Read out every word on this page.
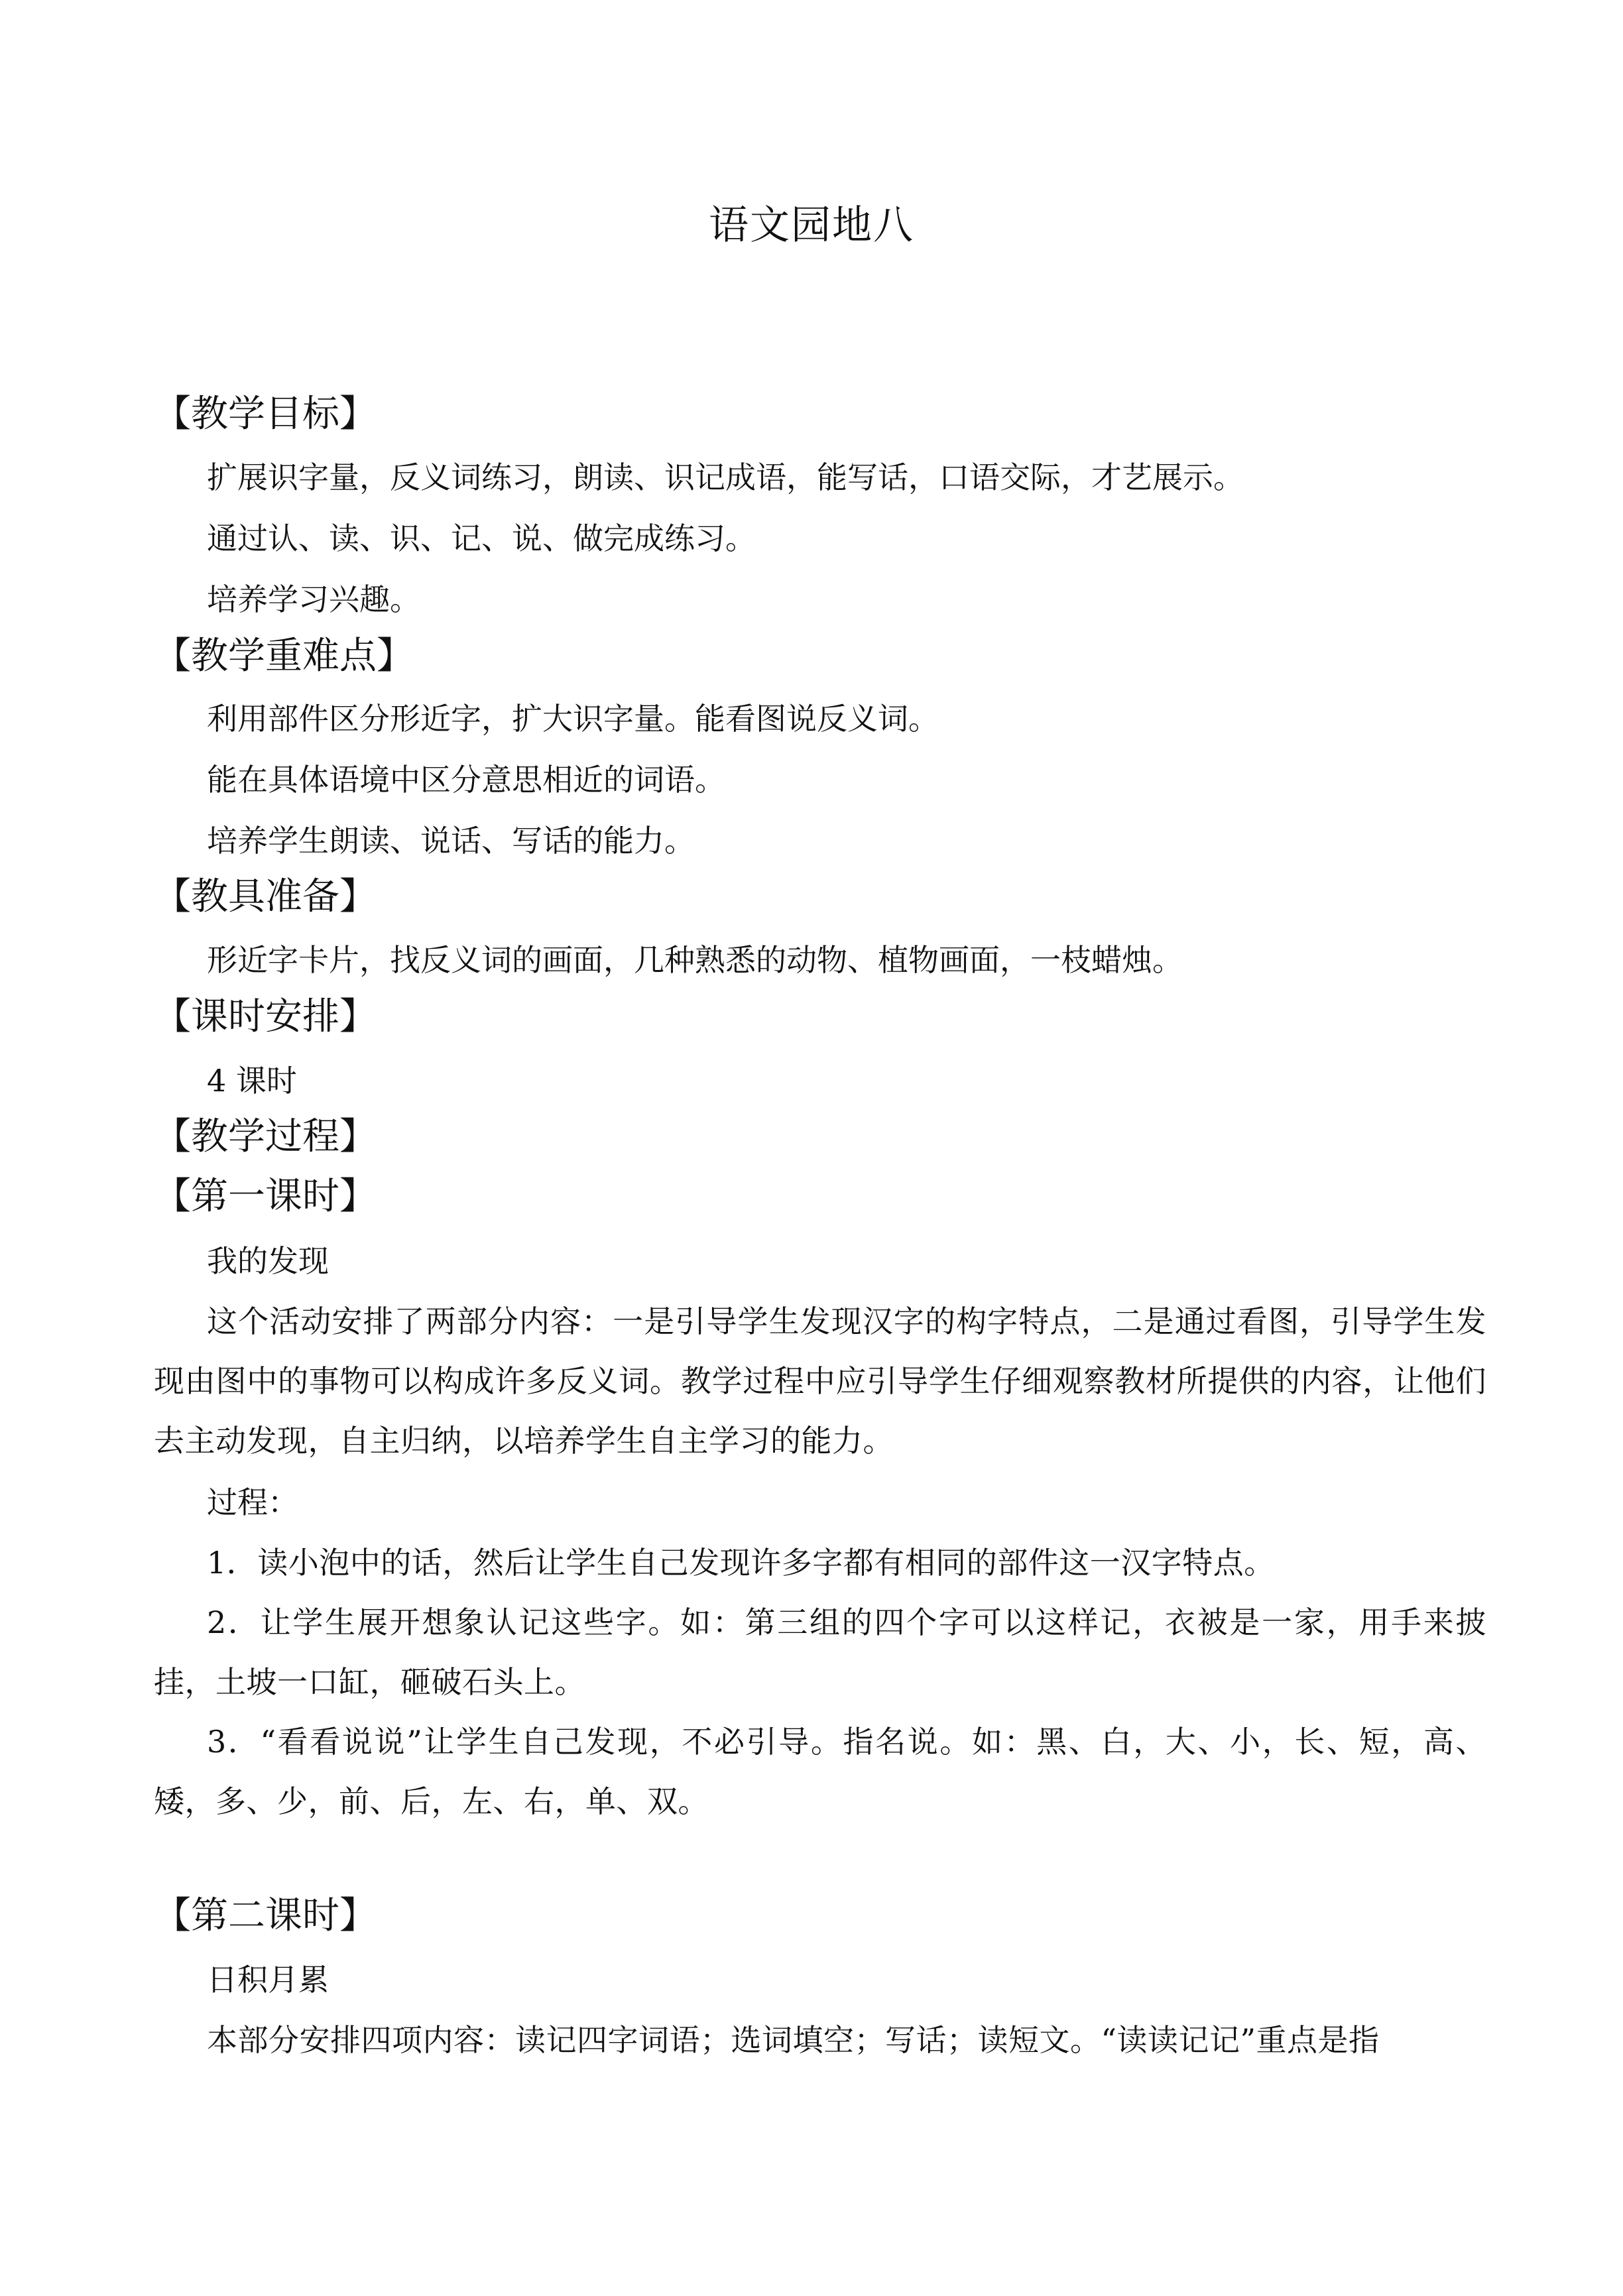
语文园地八
【教学目标】
扩展识字量，反义词练习，朗读、识记成语，能写话，口语交际，才艺展示。
通过认、读、识、记、说、做完成练习。
培养学习兴趣。
【教学重难点】
利用部件区分形近字，扩大识字量。能看图说反义词。
能在具体语境中区分意思相近的词语。
培养学生朗读、说话、写话的能力。
【教具准备】
形近字卡片，找反义词的画面，几种熟悉的动物、植物画面，一枝蜡烛。
【课时安排】
4 课时
【教学过程】
【第一课时】
我的发现
这个活动安排了两部分内容：一是引导学生发现汉字的构字特点，二是通过看图，引导学生发现由图中的事物可以构成许多反义词。教学过程中应引导学生仔细观察教材所提供的内容，让他们去主动发现，自主归纳，以培养学生自主学习的能力。
过程：
1．读小泡中的话，然后让学生自己发现许多字都有相同的部件这一汉字特点。
2．让学生展开想象认记这些字。如：第三组的四个字可以这样记，衣被是一家，用手来披挂，土坡一口缸，砸破石头上。
3．“看看说说”让学生自己发现，不必引导。指名说。如：黑、白，大、小，长、短，高、矮，多、少，前、后，左、右，单、双。
【第二课时】
日积月累
本部分安排四项内容：读记四字词语；选词填空；写话；读短文。“读读记记”重点是指
